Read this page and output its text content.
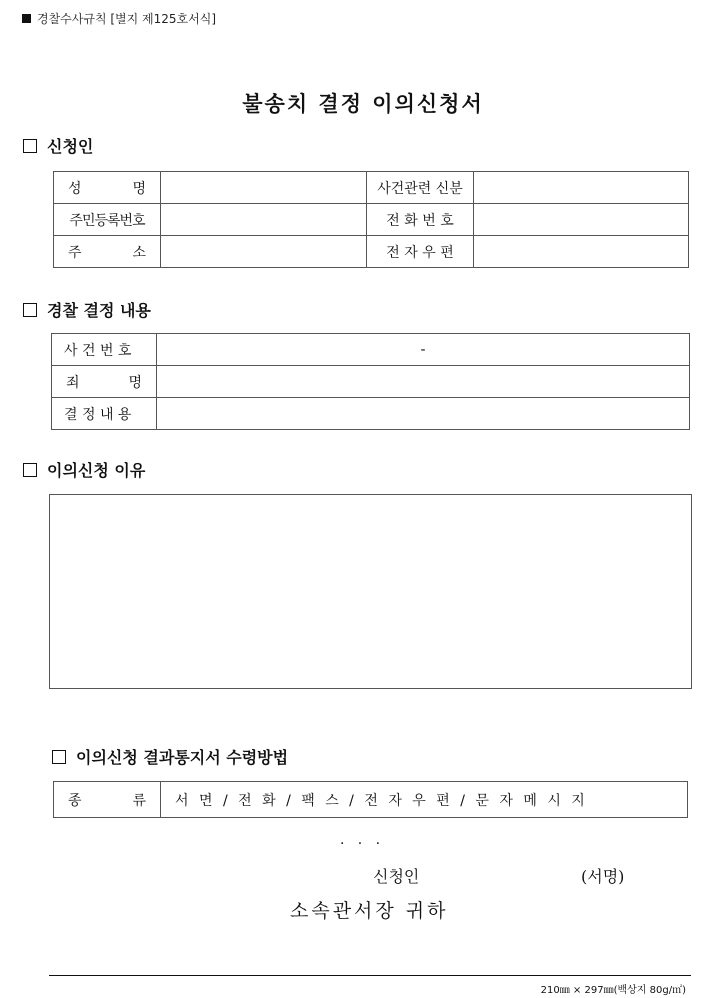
경찰수사규칙 [별지 제125호서식]
불송치 결정 이의신청서
신청인
성 명		사건관련 신분	
주민등록번호		전 화 번 호	

주 소		전 자 우 편	
경찰 결정 내용
사 건 번 호	-

죄 명	

결 정 내 용	
이의신청 이유
이의신청 결과통지서 수령방법
종	류	서 면 / 전 화 / 팩 스 / 전 자 우 편 / 문 자 메 시 지
.   .   .
신청인	(서명)
소속관서장 귀하
210㎜ × 297㎜(백상지 80g/㎡)
